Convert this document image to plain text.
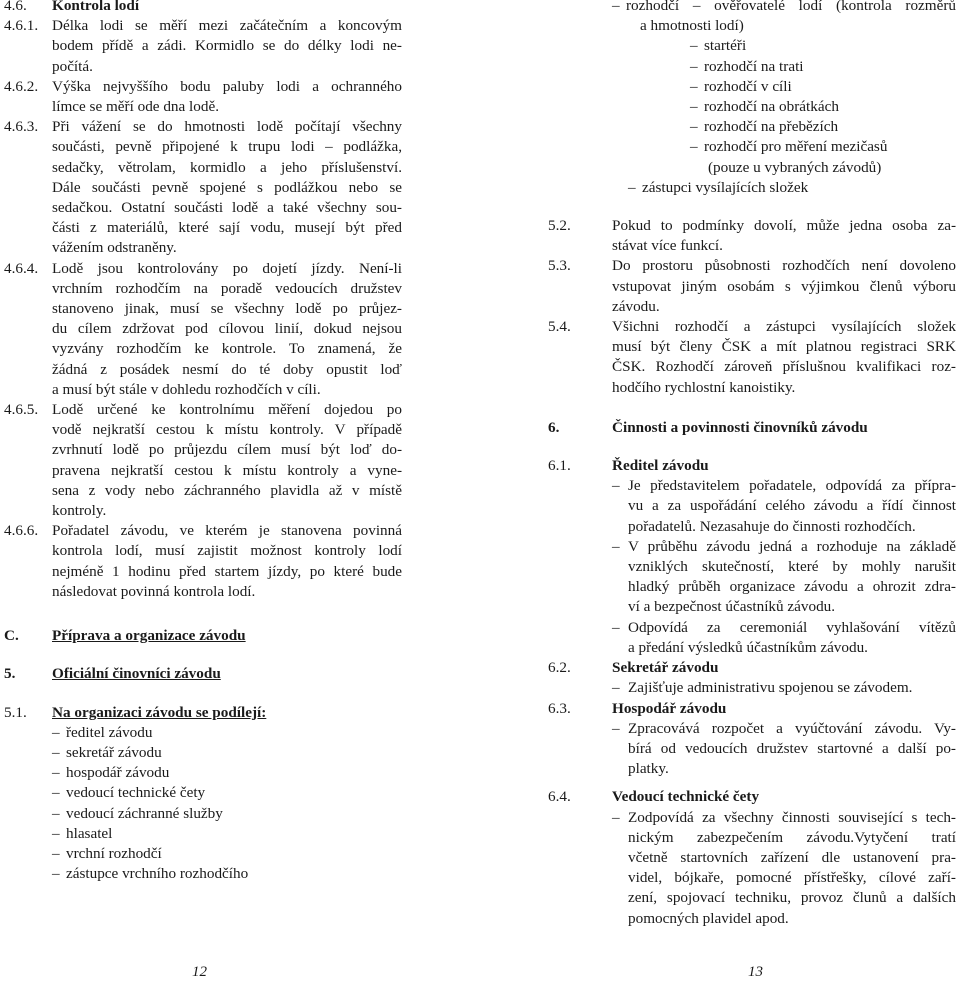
4.6. Kontrola lodí
4.6.1. Délka lodi se měří mezi začátečním a koncovým
bodem přídě a zádi. Kormidlo se do délky lodi ne-
počítá.
4.6.2. Výška nejvyššího bodu paluby lodi a ochranného
límce se měří ode dna lodě.
4.6.3. Při vážení se do hmotnosti lodě počítají všechny
součásti, pevně připojené k trupu lodi – podlážka,
sedačky, větrolam, kormidlo a jeho příslušenství.
Dále součásti pevně spojené s podlážkou nebo se
sedačkou. Ostatní součásti lodě a také všechny sou-
části z materiálů, které sají vodu, musejí být před
vážením odstraněny.
4.6.4. Lodě jsou kontrolovány po dojetí jízdy. Není-li
vrchním rozhodčím na poradě vedoucích družstev
stanoveno jinak, musí se všechny lodě po průjez-
du cílem zdržovat pod cílovou linií, dokud nejsou
vyzvány rozhodčím ke kontrole. To znamená, že
žádná z posádek nesmí do té doby opustit loď
a musí být stále v dohledu rozhodčích v cíli.
4.6.5. Lodě určené ke kontrolnímu měření dojedou po
vodě nejkratší cestou k místu kontroly. V případě
zvrhnutí lodě po průjezdu cílem musí být loď do-
pravena nejkratší cestou k místu kontroly a vyne-
sena z vody nebo záchranného plavidla až v místě
kontroly.
4.6.6. Pořadatel závodu, ve kterém je stanovena povinná
kontrola lodí, musí zajistit možnost kontroly lodí
nejméně 1 hodinu před startem jízdy, po které bude
následovat povinná kontrola lodí.
C. Příprava a organizace závodu
5. Oficiální činovníci závodu
5.1. Na organizaci závodu se podílejí:
– ředitel závodu
– sekretář závodu
– hospodář závodu
– vedoucí technické čety
– vedoucí záchranné služby
– hlasatel
– vrchní rozhodčí
– zástupce vrchního rozhodčího
– rozhodčí – ověřovatelé lodí (kontrola rozměrů
a hmotnosti lodí)
– startéři
– rozhodčí na trati
– rozhodčí v cíli
– rozhodčí na obrátkách
– rozhodčí na přebězích
– rozhodčí pro měření mezičasů
(pouze u vybraných závodů)
– zástupci vysílajících složek
5.2.	Pokud to podmínky dovolí, může jedna osoba za-
stávat více funkcí.
5.3.	Do prostoru působnosti rozhodčích není dovoleno
vstupovat jiným osobám s výjimkou členů výboru
závodu.
5.4.	Všichni rozhodčí a zástupci vysílajících složek
musí být členy ČSK a mít platnou registraci SRK
ČSK. Rozhodčí zároveň příslušnou kvalifikaci roz-
hodčího rychlostní kanoistiky.
6.	Činnosti a povinnosti činovníků závodu
6.1.	Ředitel závodu
– Je představitelem pořadatele, odpovídá za přípra-
vu a za uspořádání celého závodu a řídí činnost
pořadatelů. Nezasahuje do činnosti rozhodčích.
– V průběhu závodu jedná a rozhoduje na základě
vzniklých skutečností, které by mohly narušit
hladký průběh organizace závodu a ohrozit zdra-
ví a bezpečnost účastníků závodu.
– Odpovídá za ceremoniál vyhlašování vítězů
a předání výsledků účastníkům závodu.
6.2.	Sekretář závodu
– Zajišťuje administrativu spojenou se závodem.
6.3.	Hospodář závodu
– Zpracovává rozpočet a vyúčtování závodu. Vy-
bírá od vedoucích družstev startovné a další po-
platky.
6.4.	Vedoucí technické čety
– Zodpovídá za všechny činnosti související s tech-
nickým zabezpečením závodu.Vytyčení tratí
včetně startovních zařízení dle ustanovení pra-
videl, bójkaře, pomocné přístřešky, cílové zaří-
zení, spojovací techniku, provoz člunů a dalších
pomocných plavidel apod.
12	13
